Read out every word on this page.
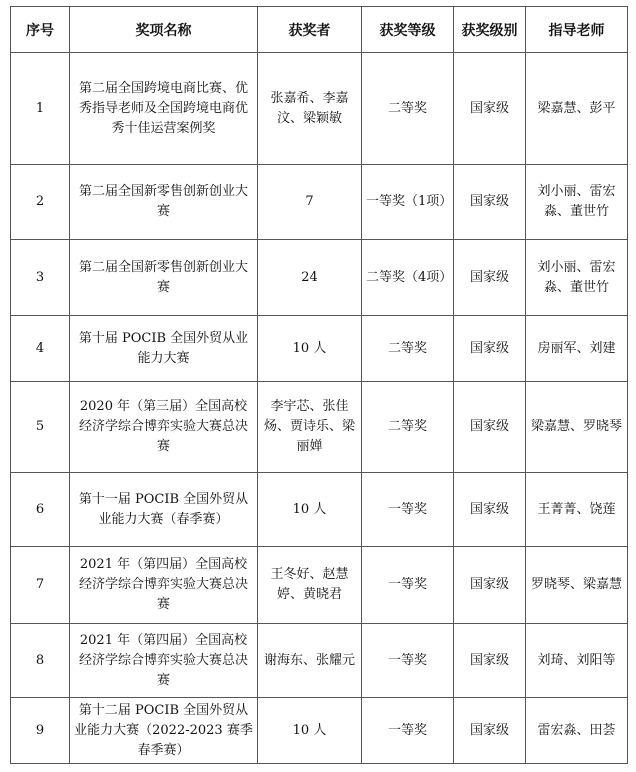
序号	奖项名称	获奖者	获奖等级	获奖级别	指导老师
1	第二届全国跨境电商比赛、优秀指导老师及全国跨境电商优秀十佳运营案例奖	张嘉希、李嘉汶、梁颖敏	二等奖	国家级	梁嘉慧、彭平
2	第二届全国新零售创新创业大赛	7	一等奖（1项）	国家级	刘小丽、雷宏淼、董世竹
3	第二届全国新零售创新创业大赛	24	二等奖（4项）	国家级	刘小丽、雷宏淼、董世竹
4	第十届 POCIB 全国外贸从业能力大赛	10 人	二等奖	国家级	房丽军、刘建
5	2020 年（第三届）全国高校经济学综合博弈实验大赛总决赛	李宇芯、张佳炀、贾诗乐、梁丽婵	二等奖	国家级	梁嘉慧、罗晓琴
6	第十一届 POCIB 全国外贸从业能力大赛（春季赛）	10 人	一等奖	国家级	王菁菁、饶莲
7	2021 年（第四届）全国高校经济学综合博弈实验大赛总决赛	王冬好、赵慧婷、黄晓君	一等奖	国家级	罗晓琴、梁嘉慧
8	2021 年（第四届）全国高校经济学综合博弈实验大赛总决赛	谢海东、张耀元	一等奖	国家级	刘琦、刘阳等
9	第十二届 POCIB 全国外贸从业能力大赛（2022-2023 赛季春季赛）	10 人	一等奖	国家级	雷宏淼、田荟
